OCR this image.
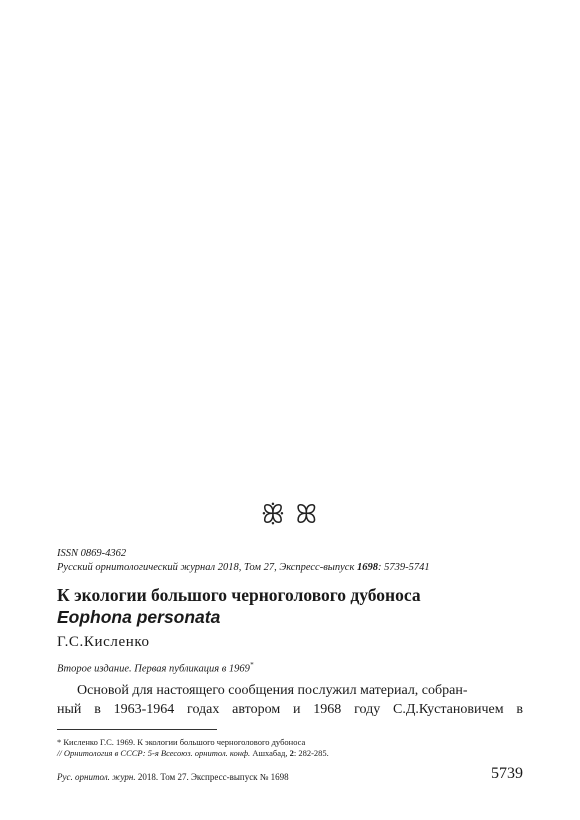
ꕥ ꕤ
ISSN 0869-4362
Русский орнитологический журнал 2018, Том 27, Экспресс-выпуск 1698: 5739-5741
К экологии большого черноголового дубоноса
Eophona personata
Г.С.Кисленко
Второе издание. Первая публикация в 1969*

Основой для настоящего сообщения послужил материал, собран-

ный в 1963-1964 годах автором и 1968 году С.Д.Кустановичем в
* Кисленко Г.С. 1969. К экологии большого черноголового дубоноса
// Орнитология в СССР: 5-я Всесоюз. орнитол. конф. Ашхабад, 2: 282-285.
Рус. орнитол. журн. 2018. Том 27. Экспресс-выпуск № 1698	5739
